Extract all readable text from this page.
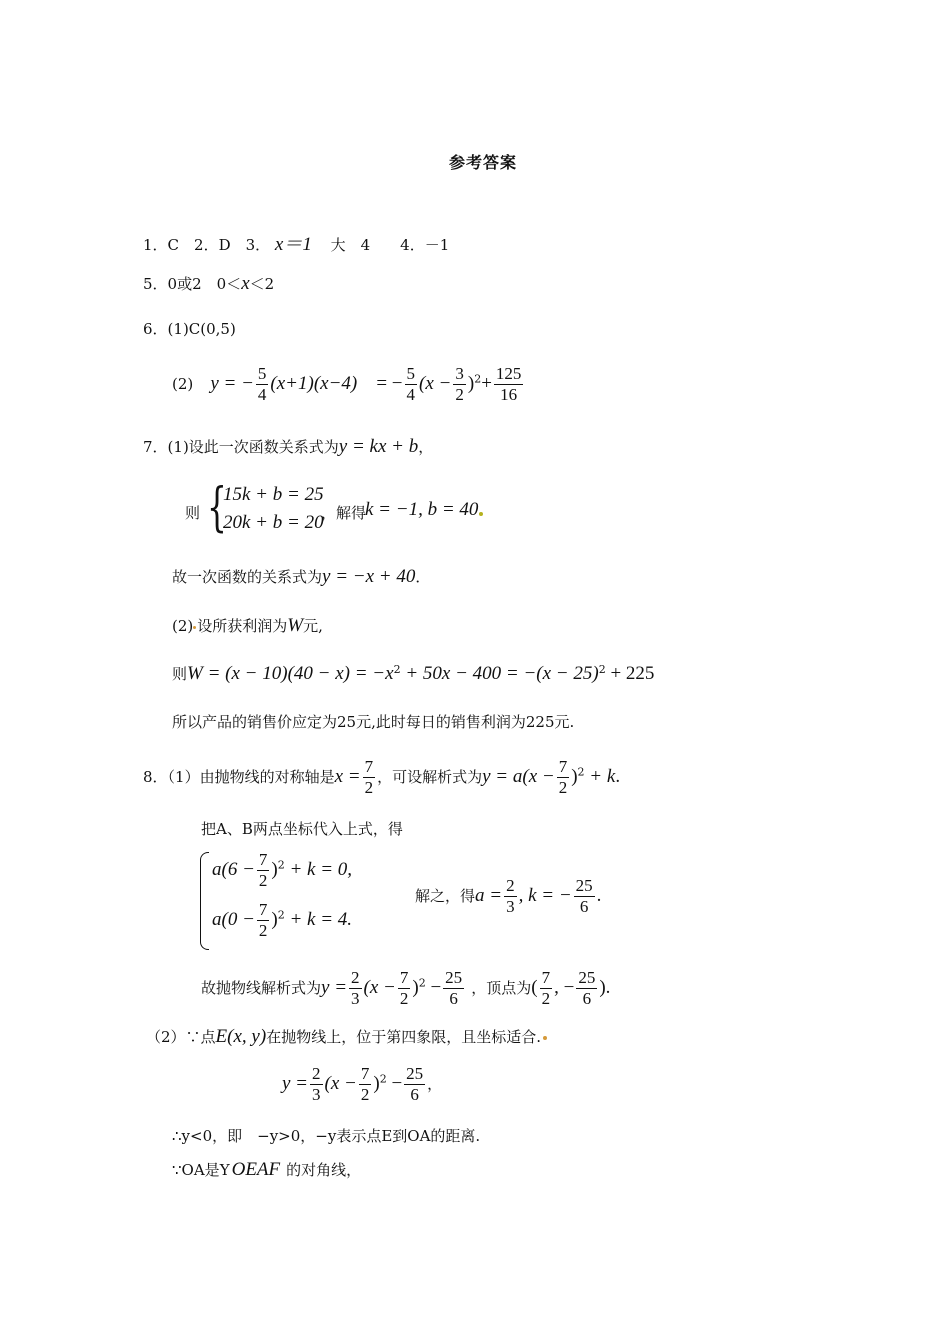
参考答案
1．C　2．D　3． x＝1 大　4　　4．－1
5．0或2　0＜x＜2
6．(1)C(0,5)
(2) y = − $\frac{5}{4} (x+1)(x-4)$ = − $\frac{5}{4} (x - \frac{3}{2} )^2+ \frac{125}{16}$
7．(1)设此一次函数关系式为y = kx + b，
则 {
15k + b = 25
20k + b = 20
，解得
k = −1, b = 40
故一次函数的关系式为y = −x + 40．
(2) 设所获利润为W元,
则$W = (x - 10)(40 - x) = -x^2 + 50x - 400 = -(x - 25)^2 + 225$
所以产品的销售价应定为25元,此时每日的销售利润为225元.
8．（1）由抛物线的对称轴是$x = \frac{7}{2}$ ，可设解析式为$y = a(x - \frac{7}{2} )^2 + k$.
把A、B两点坐标代入上式，得
$a(6 - \frac{7}{2} )^2 + k = 0$,
$a(0 - \frac{7}{2} )^2 + k = 4$.
解之，得$a = \frac{2}{3}$ , k = − $\frac{25}{6}$ .
故抛物线解析式为$y = \frac{2}{3} (x - \frac{7}{2} )^2 - \frac{25}{6}$ ，顶点为( $\frac{7}{2}$ , − $\frac{25}{6}$ ).
（2）∵点E(x, y)在抛物线上，位于第四象限，且坐标适合.
$y = \frac{2}{3} (x - \frac{7}{2} )^2 - \frac{25}{6}$ ，
∴y<0，即　−y>0，−y表示点E到OA的距离.
∵OA是Y OEAF 的对角线，
